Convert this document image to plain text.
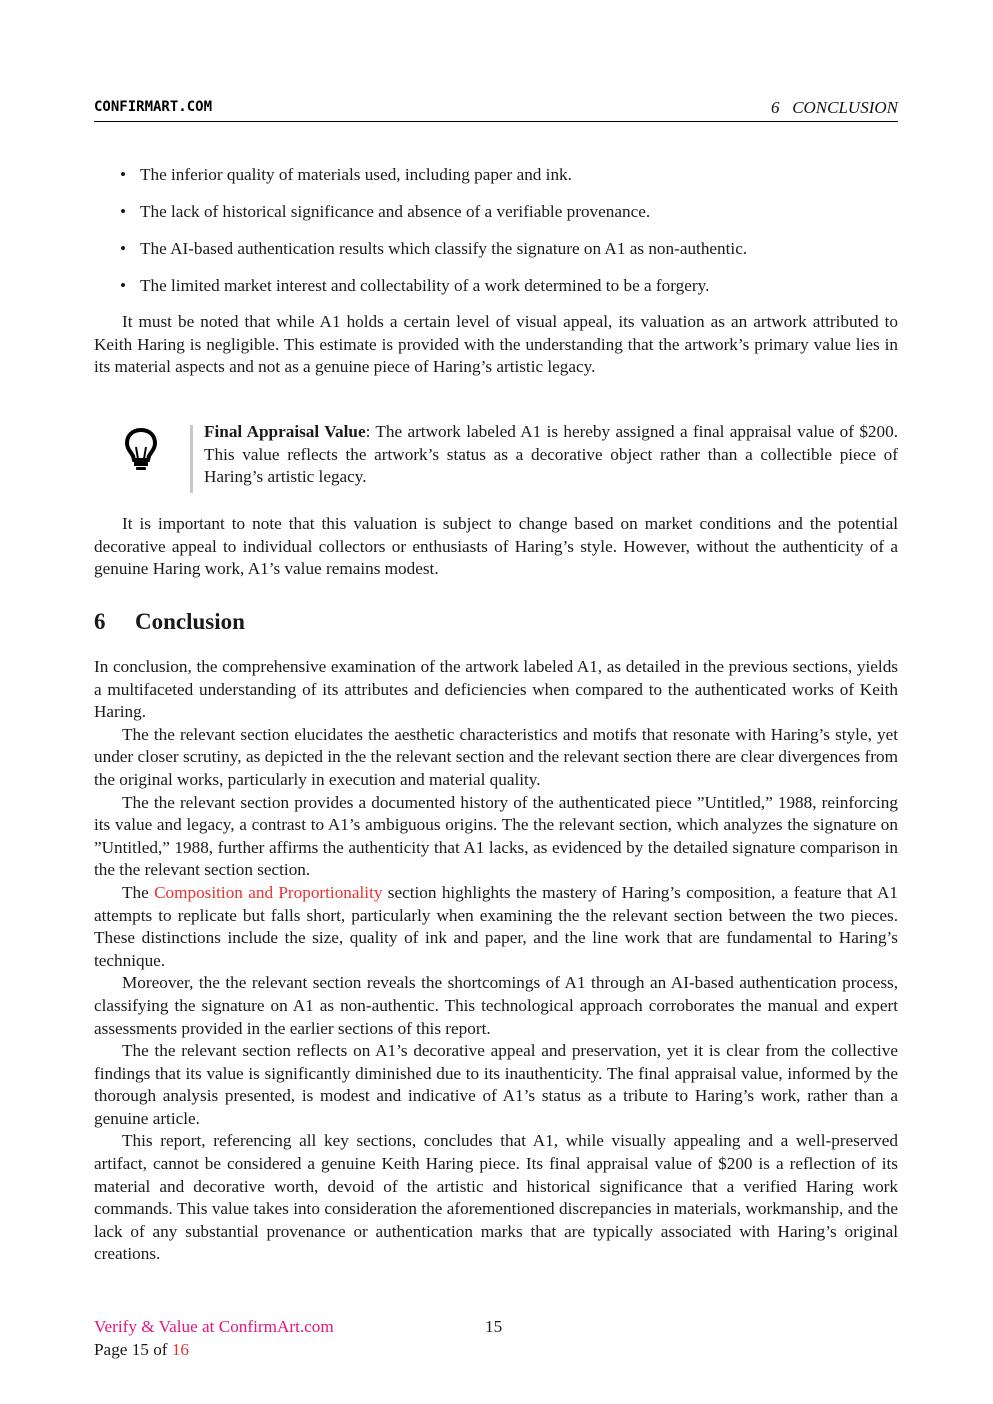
CONFIRMART.COM	6   CONCLUSION
• The inferior quality of materials used, including paper and ink.
• The lack of historical significance and absence of a verifiable provenance.
• The AI-based authentication results which classify the signature on A1 as non-authentic.
• The limited market interest and collectability of a work determined to be a forgery.

It must be noted that while A1 holds a certain level of visual appeal, its valuation as an artwork attributed to Keith Haring is negligible. This estimate is provided with the understanding that the artwork’s primary value lies in its material aspects and not as a genuine piece of Haring’s artistic legacy.

Final Appraisal Value: The artwork labeled A1 is hereby assigned a final appraisal value of $200. This value reflects the artwork’s status as a decorative object rather than a collectible piece of Haring’s artistic legacy.

It is important to note that this valuation is subject to change based on market conditions and the potential decorative appeal to individual collectors or enthusiasts of Haring’s style. However, without the authenticity of a genuine Haring work, A1’s value remains modest.

6 Conclusion

In conclusion, the comprehensive examination of the artwork labeled A1, as detailed in the previous sections, yields a multifaceted understanding of its attributes and deficiencies when compared to the authenticated works of Keith Haring.

The the relevant section elucidates the aesthetic characteristics and motifs that resonate with Haring’s style, yet under closer scrutiny, as depicted in the the relevant section and the relevant section there are clear divergences from the original works, particularly in execution and material quality.

The the relevant section provides a documented history of the authenticated piece ”Untitled,” 1988, reinforcing its value and legacy, a contrast to A1’s ambiguous origins. The the relevant section, which analyzes the signature on ”Untitled,” 1988, further affirms the authenticity that A1 lacks, as evidenced by the detailed signature comparison in the the relevant section section.

The Composition and Proportionality section highlights the mastery of Haring’s composition, a feature that A1 attempts to replicate but falls short, particularly when examining the the relevant section between the two pieces. These distinctions include the size, quality of ink and paper, and the line work that are fundamental to Haring’s technique.

Moreover, the the relevant section reveals the shortcomings of A1 through an AI-based authentication process, classifying the signature on A1 as non-authentic. This technological approach corroborates the manual and expert assessments provided in the earlier sections of this report.

The the relevant section reflects on A1’s decorative appeal and preservation, yet it is clear from the collective findings that its value is significantly diminished due to its inauthenticity. The final appraisal value, informed by the thorough analysis presented, is modest and indicative of A1’s status as a tribute to Haring’s work, rather than a genuine article.

This report, referencing all key sections, concludes that A1, while visually appealing and a well-preserved artifact, cannot be considered a genuine Keith Haring piece. Its final appraisal value of $200 is a reflection of its material and decorative worth, devoid of the artistic and historical significance that a verified Haring work commands. This value takes into consideration the aforementioned discrepancies in materials, workmanship, and the lack of any substantial provenance or authentication marks that are typically associated with Haring’s original creations.

Verify & Value at ConfirmArt.com	15
Page 15 of 16
